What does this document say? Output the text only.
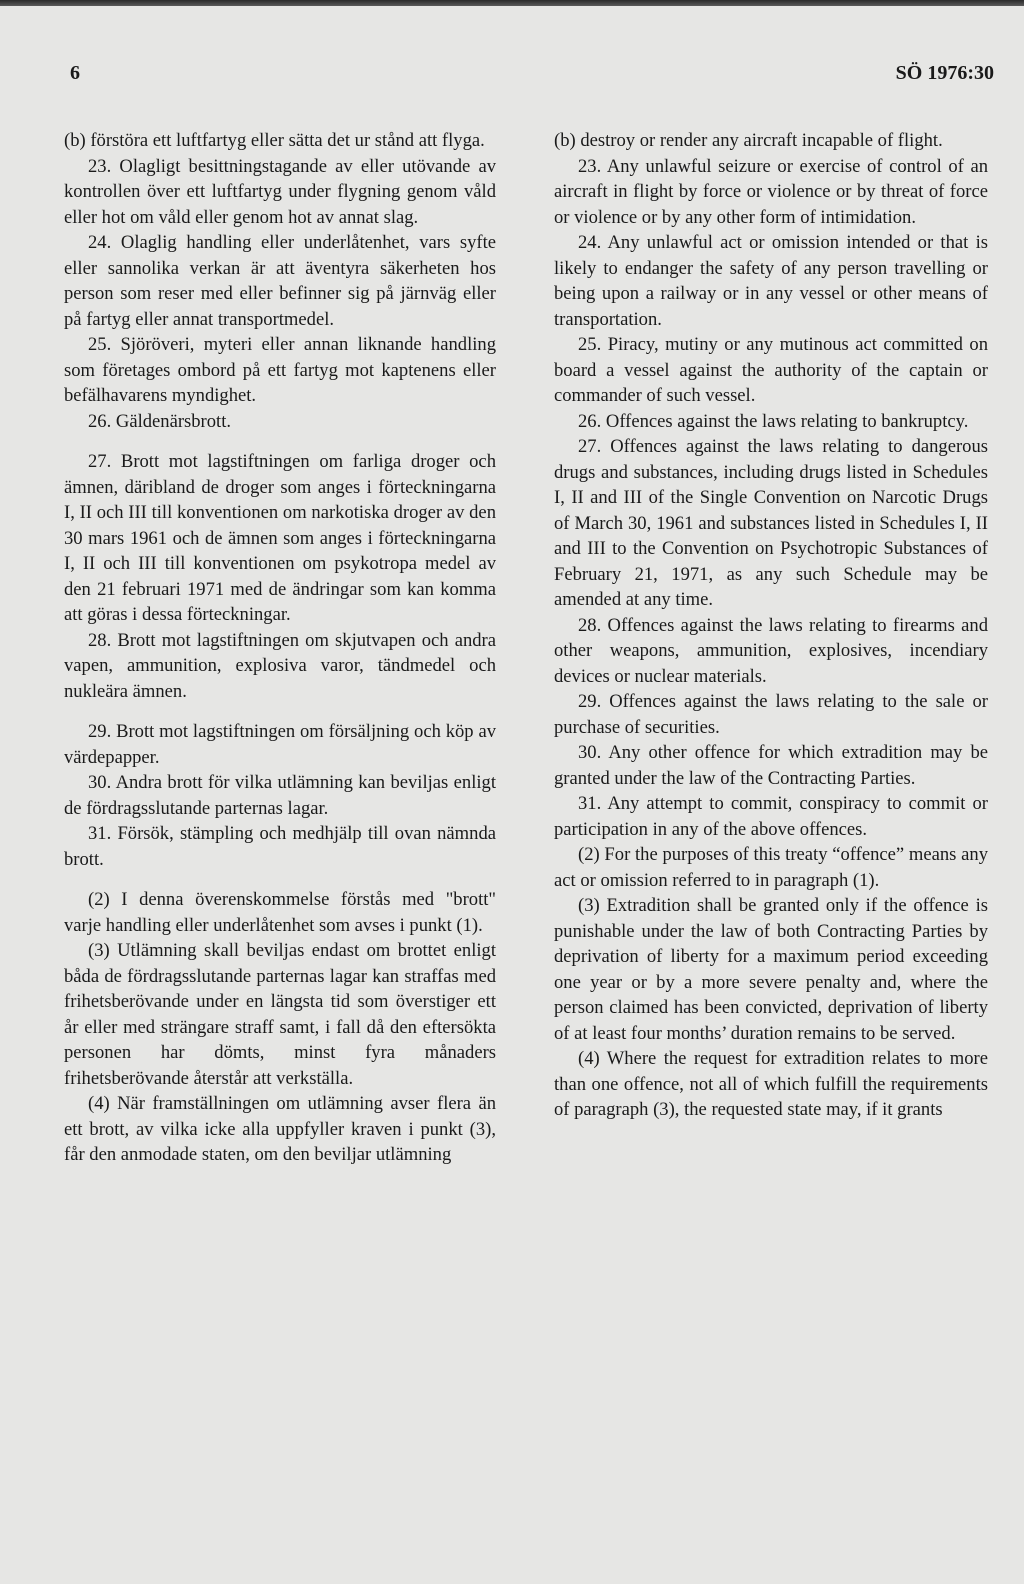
6	SÖ 1976:30

(b) förstöra ett luftfartyg eller sätta det ur stånd att flyga.

23. Olagligt besittningstagande av eller utövande av kontrollen över ett luftfartyg under flygning genom våld eller hot om våld eller genom hot av annat slag.

24. Olaglig handling eller underlåtenhet, vars syfte eller sannolika verkan är att äventyra säkerheten hos person som reser med eller befinner sig på järnväg eller på fartyg eller annat transportmedel.

25. Sjöröveri, myteri eller annan liknande handling som företages ombord på ett fartyg mot kaptenens eller befälhavarens myndighet.

26. Gäldenärsbrott.

27. Brott mot lagstiftningen om farliga droger och ämnen, däribland de droger som anges i förteckningarna I, II och III till konventionen om narkotiska droger av den 30 mars 1961 och de ämnen som anges i förteckningarna I, II och III till konventionen om psykotropa medel av den 21 februari 1971 med de ändringar som kan komma att göras i dessa förteckningar.

28. Brott mot lagstiftningen om skjutvapen och andra vapen, ammunition, explosiva varor, tändmedel och nukleära ämnen.

29. Brott mot lagstiftningen om försäljning och köp av värdepapper.

30. Andra brott för vilka utlämning kan beviljas enligt de fördragsslutande parternas lagar.

31. Försök, stämpling och medhjälp till ovan nämnda brott.

(2) I denna överenskommelse förstås med "brott" varje handling eller underlåtenhet som avses i punkt (1).

(3) Utlämning skall beviljas endast om brottet enligt båda de fördragsslutande parternas lagar kan straffas med frihetsberövande under en längsta tid som överstiger ett år eller med strängare straff samt, i fall då den eftersökta personen har dömts, minst fyra månaders frihetsberövande återstår att verkställa.

(4) När framställningen om utlämning avser flera än ett brott, av vilka icke alla uppfyller kraven i punkt (3), får den anmodade staten, om den beviljar utlämning

(b) destroy or render any aircraft incapable of flight.

23. Any unlawful seizure or exercise of control of an aircraft in flight by force or violence or by threat of force or violence or by any other form of intimidation.

24. Any unlawful act or omission intended or that is likely to endanger the safety of any person travelling or being upon a railway or in any vessel or other means of transportation.

25. Piracy, mutiny or any mutinous act committed on board a vessel against the authority of the captain or commander of such vessel.

26. Offences against the laws relating to bankruptcy.

27. Offences against the laws relating to dangerous drugs and substances, including drugs listed in Schedules I, II and III of the Single Convention on Narcotic Drugs of March 30, 1961 and substances listed in Schedules I, II and III to the Convention on Psychotropic Substances of February 21, 1971, as any such Schedule may be amended at any time.

28. Offences against the laws relating to firearms and other weapons, ammunition, explosives, incendiary devices or nuclear materials.

29. Offences against the laws relating to the sale or purchase of securities.

30. Any other offence for which extradition may be granted under the law of the Contracting Parties.

31. Any attempt to commit, conspiracy to commit or participation in any of the above offences.

(2) For the purposes of this treaty “offence” means any act or omission referred to in paragraph (1).

(3) Extradition shall be granted only if the offence is punishable under the law of both Contracting Parties by deprivation of liberty for a maximum period exceeding one year or by a more severe penalty and, where the person claimed has been convicted, deprivation of liberty of at least four months’ duration remains to be served.

(4) Where the request for extradition relates to more than one offence, not all of which fulfill the requirements of paragraph (3), the requested state may, if it grants
